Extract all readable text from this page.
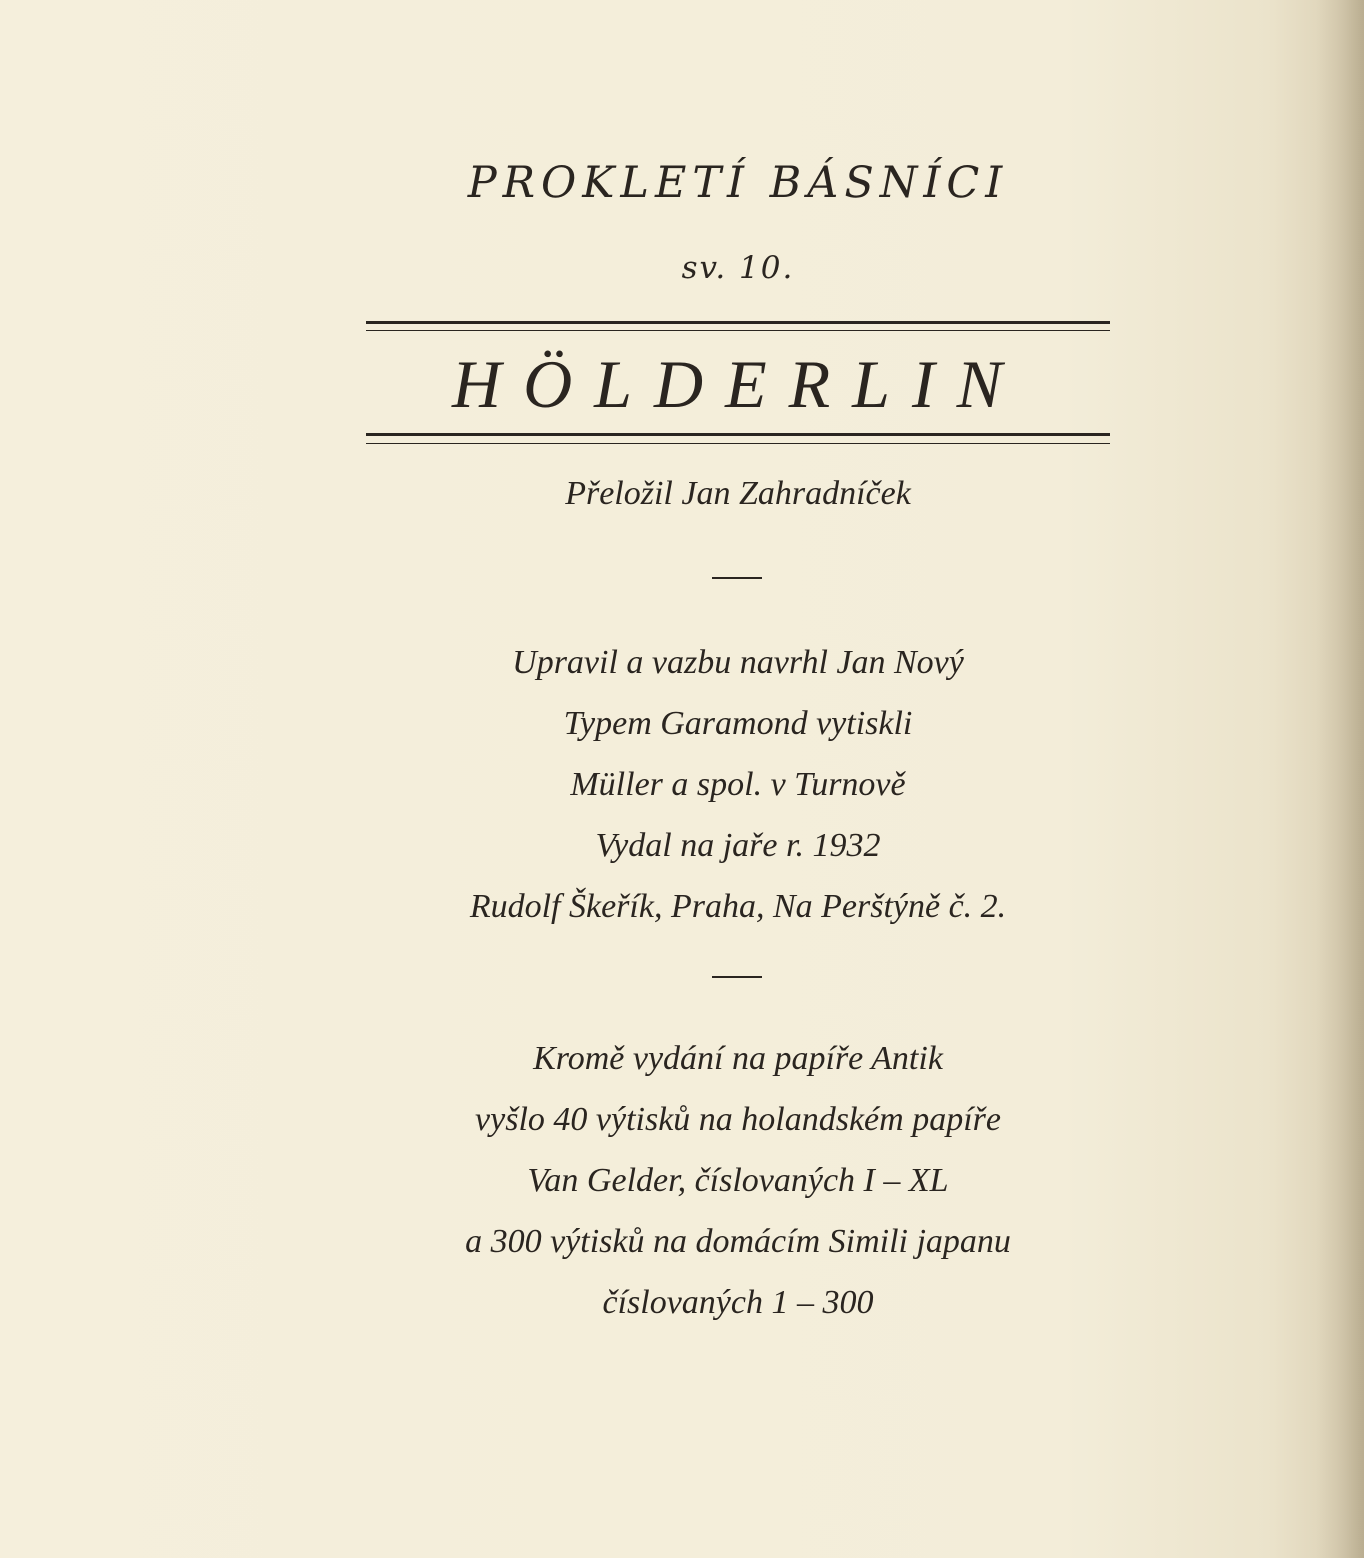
PROKLETÍ BÁSNÍCI
sv. 10.
HÖLDERLIN
Přeložil Jan Zahradníček
Upravil a vazbu navrhl Jan Nový
Typem Garamond vytiskli
Müller a spol. v Turnově
Vydal na jaře r. 1932
Rudolf Škeřík, Praha, Na Perštýně č. 2.
Kromě vydání na papíře Antik
vyšlo 40 výtisků na holandském papíře
Van Gelder, číslovaných I – XL
a 300 výtisků na domácím Simili japanu
číslovaných 1 – 300
